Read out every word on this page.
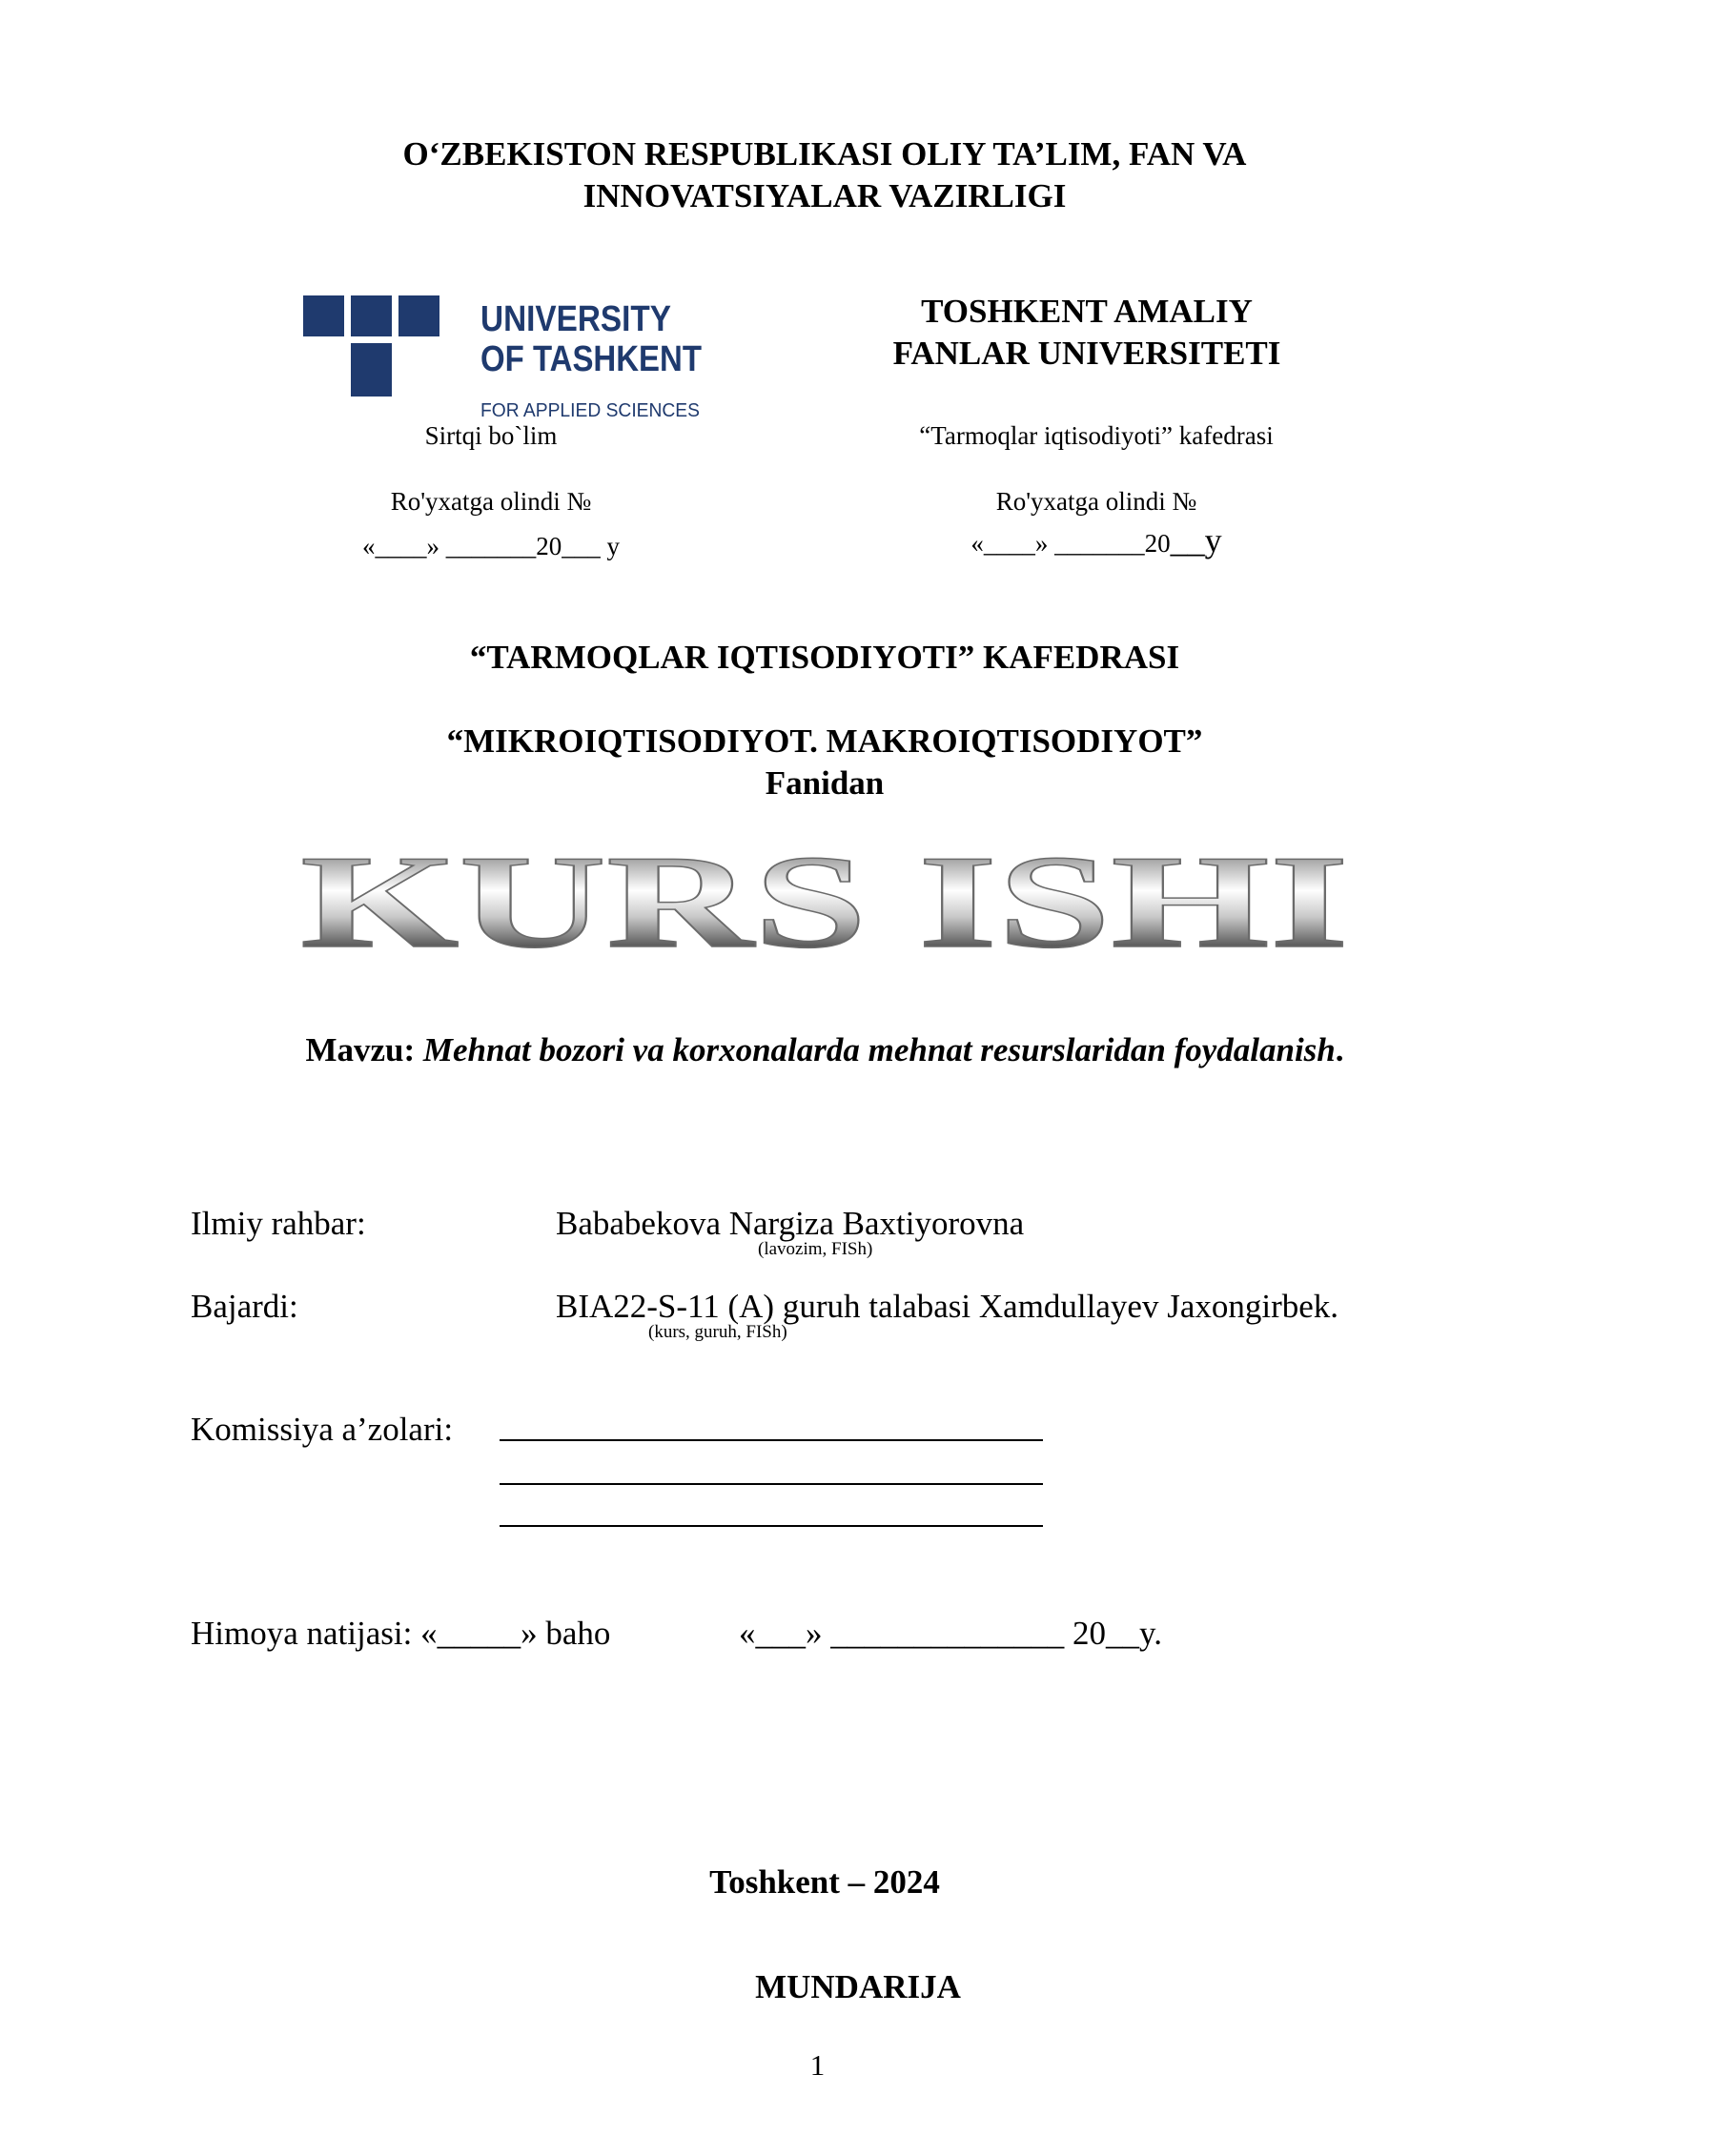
O‘ZBEKISTON RESPUBLIKASI OLIY TA’LIM, FAN VA
INNOVATSIYALAR VAZIRLIGI
UNIVERSITY
OF TASHKENT
FOR APPLIED SCIENCES
TOSHKENT AMALIY
FANLAR UNIVERSITETI
Sirtqi bo`lim
Ro'yxatga olindi №
«____» _______20___ y
“Tarmoqlar iqtisodiyoti” kafedrasi
Ro'yxatga olindi №
«____» _______20__y
“TARMOQLAR IQTISODIYOTI” KAFEDRASI
“MIKROIQTISODIYOT. MAKROIQTISODIYOT”
Fanidan
KURS ISHI
Mavzu: Mehnat bozori va korxonalarda mehnat resurslaridan foydalanish.
Ilmiy rahbar:	Bababekova Nargiza Baxtiyorovna
(lavozim, FISh)
Bajardi:	BIA22-S-11 (A) guruh talabasi Xamdullayev Jaxongirbek.
(kurs, guruh, FISh)
Komissiya a’zolari:
Himoya natijasi: «_____» baho	«___» ______________ 20__y.
Toshkent – 2024
MUNDARIJA
1
